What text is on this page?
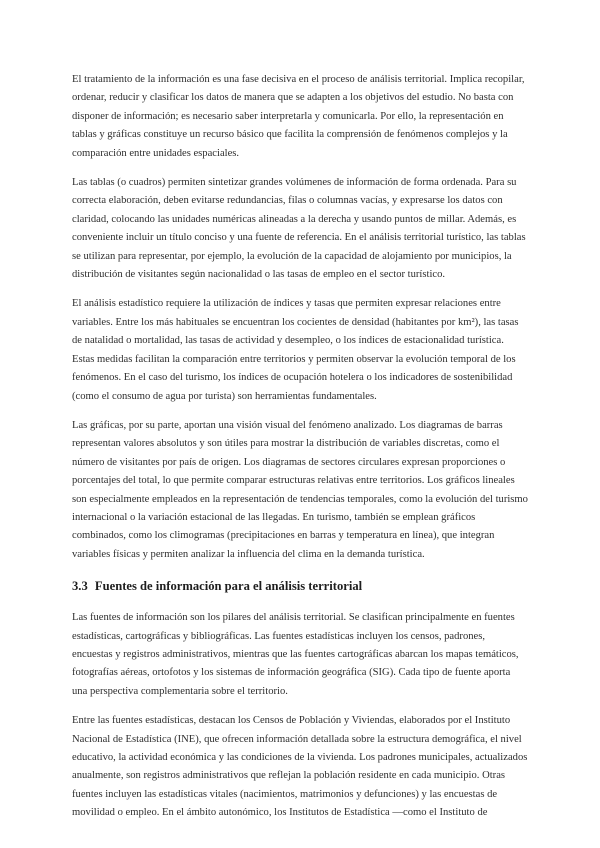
El tratamiento de la información es una fase decisiva en el proceso de análisis territorial. Implica recopilar, ordenar, reducir y clasificar los datos de manera que se adapten a los objetivos del estudio. No basta con disponer de información; es necesario saber interpretarla y comunicarla. Por ello, la representación en tablas y gráficas constituye un recurso básico que facilita la comprensión de fenómenos complejos y la comparación entre unidades espaciales.

Las tablas (o cuadros) permiten sintetizar grandes volúmenes de información de forma ordenada. Para su correcta elaboración, deben evitarse redundancias, filas o columnas vacías, y expresarse los datos con claridad, colocando las unidades numéricas alineadas a la derecha y usando puntos de millar. Además, es conveniente incluir un título conciso y una fuente de referencia. En el análisis territorial turístico, las tablas se utilizan para representar, por ejemplo, la evolución de la capacidad de alojamiento por municipios, la distribución de visitantes según nacionalidad o las tasas de empleo en el sector turístico.

El análisis estadístico requiere la utilización de índices y tasas que permiten expresar relaciones entre variables. Entre los más habituales se encuentran los cocientes de densidad (habitantes por km²), las tasas de natalidad o mortalidad, las tasas de actividad y desempleo, o los índices de estacionalidad turística. Estas medidas facilitan la comparación entre territorios y permiten observar la evolución temporal de los fenómenos. En el caso del turismo, los índices de ocupación hotelera o los indicadores de sostenibilidad (como el consumo de agua por turista) son herramientas fundamentales.

Las gráficas, por su parte, aportan una visión visual del fenómeno analizado. Los diagramas de barras representan valores absolutos y son útiles para mostrar la distribución de variables discretas, como el número de visitantes por país de origen. Los diagramas de sectores circulares expresan proporciones o porcentajes del total, lo que permite comparar estructuras relativas entre territorios. Los gráficos lineales son especialmente empleados en la representación de tendencias temporales, como la evolución del turismo internacional o la variación estacional de las llegadas. En turismo, también se emplean gráficos combinados, como los climogramas (precipitaciones en barras y temperatura en línea), que integran variables físicas y permiten analizar la influencia del clima en la demanda turística.

3.3 Fuentes de información para el análisis territorial

Las fuentes de información son los pilares del análisis territorial. Se clasifican principalmente en fuentes estadísticas, cartográficas y bibliográficas. Las fuentes estadísticas incluyen los censos, padrones, encuestas y registros administrativos, mientras que las fuentes cartográficas abarcan los mapas temáticos, fotografías aéreas, ortofotos y los sistemas de información geográfica (SIG). Cada tipo de fuente aporta una perspectiva complementaria sobre el territorio.

Entre las fuentes estadísticas, destacan los Censos de Población y Viviendas, elaborados por el Instituto Nacional de Estadística (INE), que ofrecen información detallada sobre la estructura demográfica, el nivel educativo, la actividad económica y las condiciones de la vivienda. Los padrones municipales, actualizados anualmente, son registros administrativos que reflejan la población residente en cada municipio. Otras fuentes incluyen las estadísticas vitales (nacimientos, matrimonios y defunciones) y las encuestas de movilidad o empleo. En el ámbito autonómico, los Institutos de Estadística —como el Instituto de
